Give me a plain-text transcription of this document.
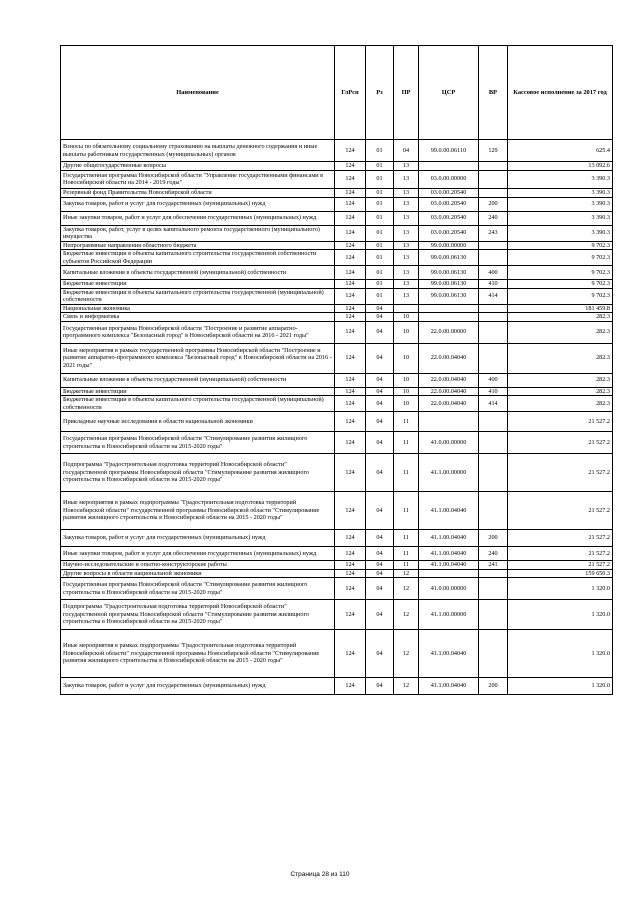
Наименование	ГлРсп	Рз	ПР	ЦСР	ВР	Кассовое исполнение за 2017 год
Взносы по обязательному социальному страхованию на выплаты денежного содержания и иные выплаты работникам государственных (муниципальных) органов	124	01	04	99.0.00.06110	129	625.4
Другие общегосударственные вопросы	124	01	13			13 092.6
Государственная программа Новосибирской области "Управление государственными финансами в Новосибирской области на 2014 - 2019 годы"	124	01	13	03.0.00.00000		3 390.3
Резервный фонд Правительства Новосибирской области	124	01	13	03.0.00.20540		3 390.3
Закупка товаров, работ и услуг для государственных (муниципальных) нужд	124	01	13	03.0.00.20540	200	3 390.3
Иные закупки товаров, работ и услуг для обеспечения государственных (муниципальных) нужд	124	01	13	03.0.00.20540	240	3 390.3
Закупка товаров, работ, услуг в целях капитального ремонта государственного (муниципального) имущества	124	01	13	03.0.00.20540	243	3 390.3
Непрограммные направления областного бюджета	124	01	13	99.0.00.00000		9 702.3
Бюджетные инвестиции в объекты капитального строительства государственной собственности субъектов Российской Федерации	124	01	13	99.0.00.06130		9 702.3
Капитальные вложения в объекты государственной (муниципальной) собственности	124	01	13	99.0.00.06130	400	9 702.3
Бюджетные инвестиции	124	01	13	99.0.00.06130	410	9 702.3
Бюджетные инвестиции в объекты капитального строительства государственной (муниципальной) собственности	124	01	13	99.0.00.06130	414	9 702.3
Национальная экономика	124	04				181 459.8
Связь и информатика	124	04	10			282.3
Государственная программа Новосибирской области "Построение и развитие аппаратно-программного комплекса "Безопасный город" в Новосибирской области на 2016 - 2021 годы"	124	04	10	22.0.00.00000		282.3
Иные мероприятия в рамках государственной программы Новосибирской области "Построение и развитие аппаратно-программного комплекса "Безопасный город" в Новосибирской области на 2016 - 2021 годы"	124	04	10	22.0.00.04040		282.3
Капитальные вложения в объекты государственной (муниципальной) собственности	124	04	10	22.0.00.04040	400	282.3
Бюджетные инвестиции	124	04	10	22.0.00.04040	410	282.3
Бюджетные инвестиции в объекты капитального строительства государственной (муниципальной) собственности	124	04	10	22.0.00.04040	414	282.3
Прикладные научные исследования в области национальной экономики	124	04	11			21 527.2
Государственная программа Новосибирской области "Стимулирование развития жилищного строительства в Новосибирской области на 2015-2020 годы"	124	04	11	41.0.00.00000		21 527.2
Подпрограмма "Градостроительная подготовка территорий Новосибирской области" государственной программы Новосибирской области "Стимулирование развития жилищного строительства в Новосибирской области на 2015-2020 годы"	124	04	11	41.1.00.00000		21 527.2
Иные мероприятия в рамках подпрограммы "Градостроительная подготовка территорий Новосибирской области" государственной программы Новосибирской области "Стимулирование развития жилищного строительства в Новосибирской области на 2015 - 2020 годы"	124	04	11	41.1.00.04040		21 527.2
Закупка товаров, работ и услуг для государственных (муниципальных) нужд	124	04	11	41.1.00.04040	200	21 527.2
Иные закупки товаров, работ и услуг для обеспечения государственных (муниципальных) нужд	124	04	11	41.1.00.04040	240	21 527.2
Научно-исследовательские и опытно-конструкторские работы	124	04	11	41.1.00.04040	241	21 527.2
Другие вопросы в области национальной экономики	124	04	12			159 650.3
Государственная программа Новосибирской области "Стимулирование развития жилищного строительства в Новосибирской области на 2015-2020 годы"	124	04	12	41.0.00.00000		1 320.0
Подпрограмма "Градостроительная подготовка территорий Новосибирской области" государственной программы Новосибирской области "Стимулирование развития жилищного строительства в Новосибирской области на 2015-2020 годы"	124	04	12	41.1.00.00000		1 320.0
Иные мероприятия в рамках подпрограммы "Градостроительная подготовка территорий Новосибирской области" государственной программы Новосибирской области "Стимулирование развития жилищного строительства в Новосибирской области на 2015 - 2020 годы"	124	04	12	41.1.00.04040		1 320.0
Закупка товаров, работ и услуг для государственных (муниципальных) нужд	124	04	12	41.1.00.04040	200	1 320.0
Страница 28 из 110
